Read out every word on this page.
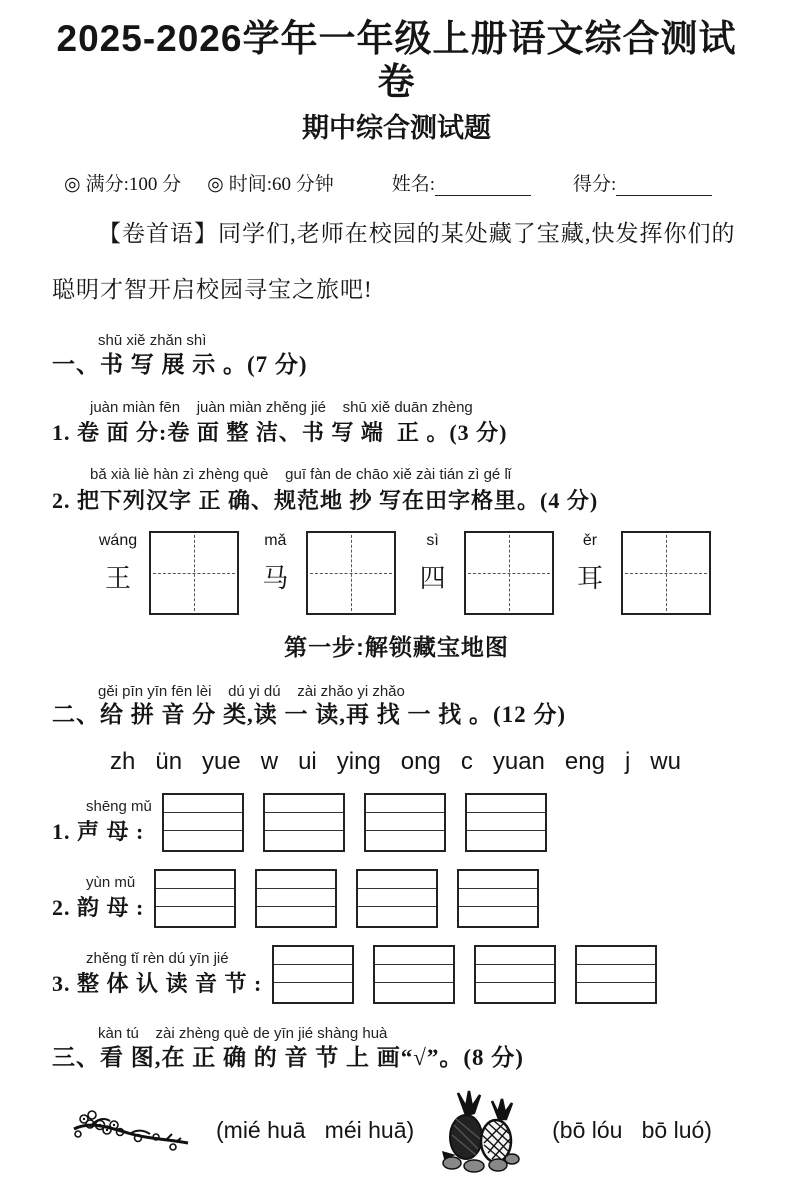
2025-2026学年一年级上册语文综合测试卷
期中综合测试题
◎ 满分:100 分 ◎ 时间:60 分钟	姓名:	得分:
【卷首语】同学们,老师在校园的某处藏了宝藏,快发挥你们的聪明才智开启校园寻宝之旅吧!
shū xiě zhǎn shì
一、书 写 展 示 。(7 分)
juàn miàn fēn    juàn miàn zhěng jié    shū xiě duān zhèng
1. 卷 面 分:卷 面 整 洁、书 写 端  正 。(3 分)
bǎ xià liè hàn zì zhèng què    guī fàn de chāo xiě zài tián zì gé lǐ
2. 把下列汉字 正 确、规范地 抄 写在田字格里。(4 分)
wáng
王
mǎ
马
sì
四
ěr
耳
第一步:解锁藏宝地图
gěi pīn yīn fēn lèi    dú yi dú    zài zhǎo yi zhǎo
二、给 拼 音 分 类,读 一 读,再 找 一 找 。(12 分)
zh   ün   yue   w   ui   ying   ong   c   yuan   eng   j   wu
shēng mǔ
1. 声 母 :
yùn mǔ
2. 韵 母 :
zhěng tǐ rèn dú yīn jié
3. 整 体 认 读 音 节 :
kàn tú    zài zhèng què de yīn jié shàng huà
三、看 图,在 正 确 的 音 节 上 画“√”。(8 分)
(mié huā   méi huā)	(bō lóu   bō luó)
